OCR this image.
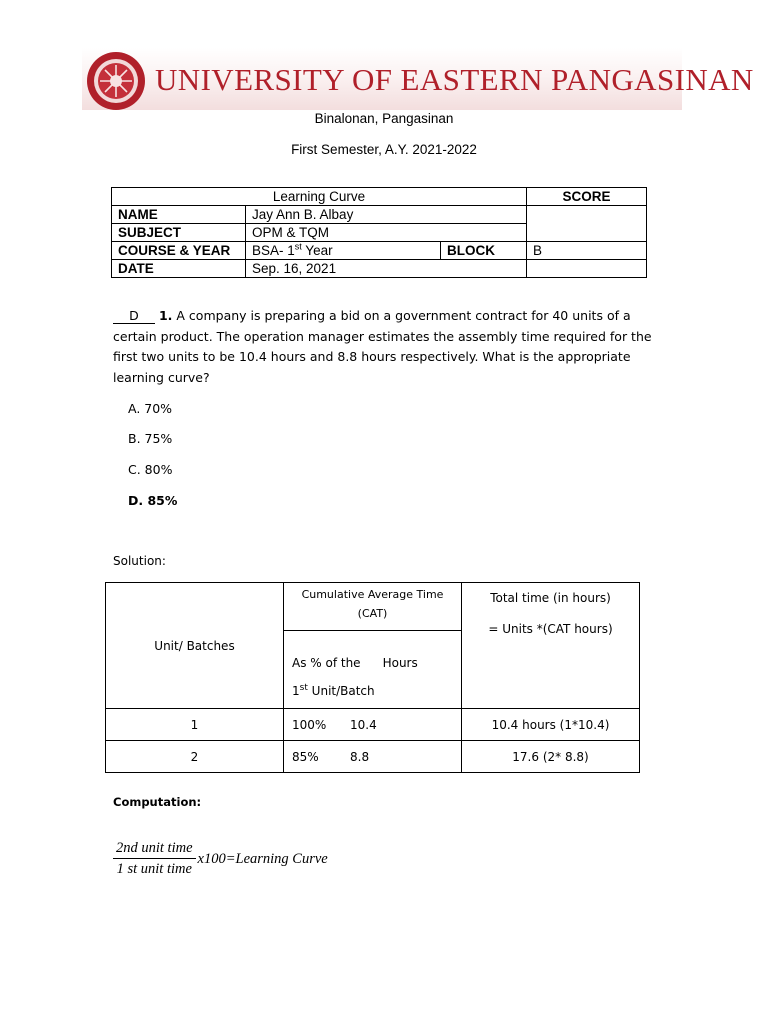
UNIVERSITY OF EASTERN PANGASINAN
Binalonan, Pangasinan
First Semester, A.Y. 2021-2022
Learning Curve			SCORE
NAME	Jay Ann B. Albay		
SUBJECT	OPM & TQM		
COURSE & YEAR	BSA- 1st Year	BLOCK	B
DATE	Sep. 16, 2021		
D 1. A company is preparing a bid on a government contract for 40 units of a certain product. The operation manager estimates the assembly time required for the first two units to be 10.4 hours and 8.8 hours respectively. What is the appropriate learning curve?
A. 70%
B. 75%
C. 80%
D. 85%
Solution:
Unit/ Batches	Cumulative Average Time (CAT)	Total time (in hours)
= Units *(CAT hours)

	As % of the Hours
1st Unit/Batch	

1	100% 10.4	10.4 hours (1*10.4)
2	85% 8.8	17.6 (2* 8.8)
Computation:
$\frac{\text{2nd unit time}}{\text{1 st unit time}}$ x100=Learning Curve
